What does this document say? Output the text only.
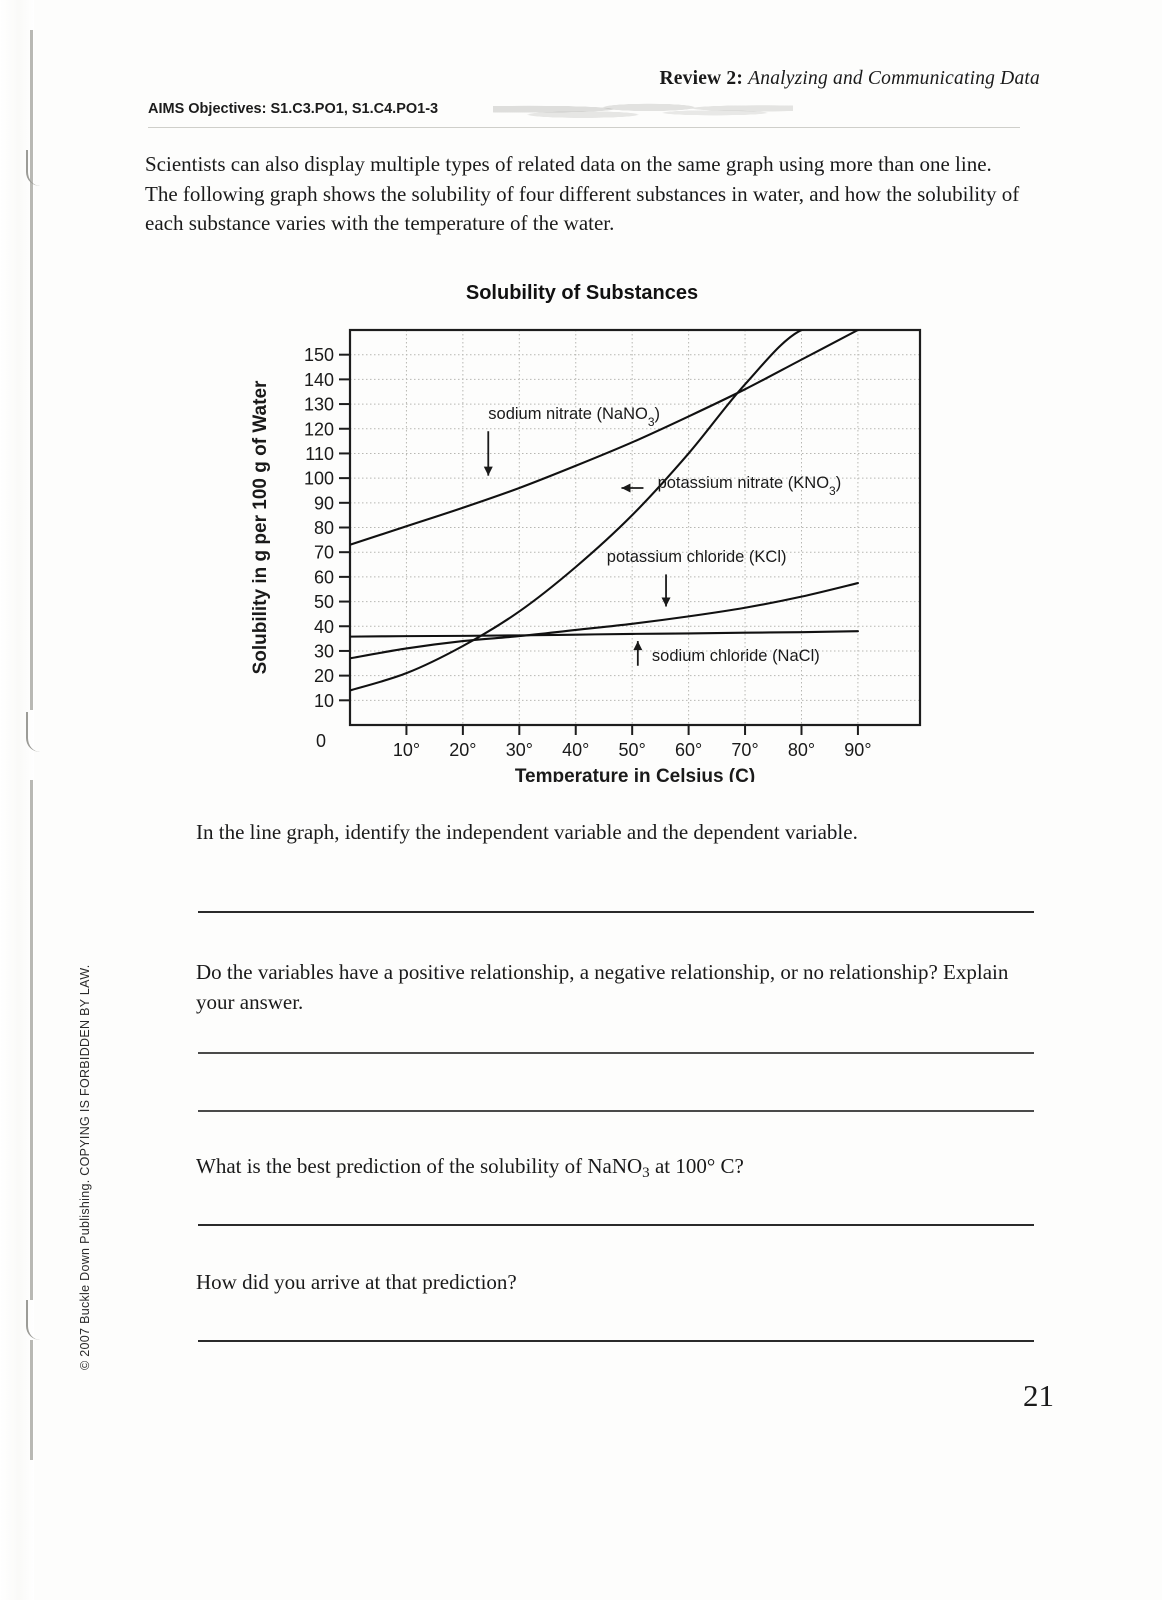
Review 2: Analyzing and Communicating Data
AIMS Objectives: S1.C3.PO1, S1.C4.PO1-3
Scientists can also display multiple types of related data on the same graph using more than one line. The following graph shows the solubility of four different substances in water, and how the solubility of each substance varies with the temperature of the water.
Solubility of Substances
10
20
30
40
50
60
70
80
90
100
110
120
130
140
150
0	10° 20° 30° 40° 50° 60° 70° 80° 90°
Temperature in Celsius (C)
Solubility in g per 100 g of Water	sodium nitrate (NaNO$_3$)
potassium nitrate $(KNO_3)$
potassium chloride (KCl)
sodium chloride (NaCl)
In the line graph, identify the independent variable and the dependent variable.
Do the variables have a positive relationship, a negative relationship, or no relationship? Explain your answer.
What is the best prediction of the solubility of NaNO$_3$ at 100° C?
How did you arrive at that prediction?
© 2007 Buckle Down Publishing. COPYING IS FORBIDDEN BY LAW.
21
